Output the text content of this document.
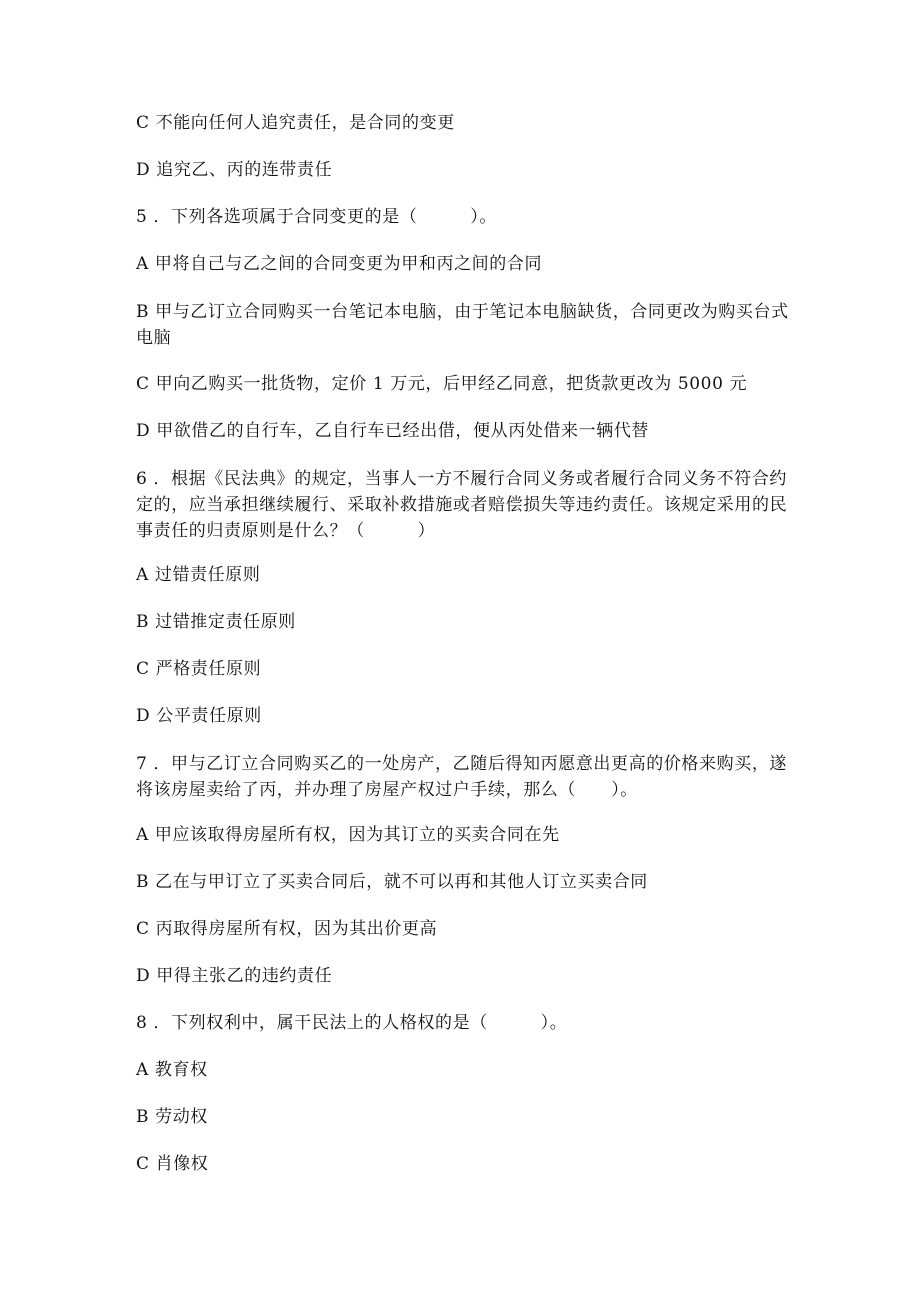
C 不能向任何人追究责任，是合同的变更
D 追究乙、丙的连带责任
5 ．下列各选项属于合同变更的是（　　　）。
A 甲将自己与乙之间的合同变更为甲和丙之间的合同
B 甲与乙订立合同购买一台笔记本电脑，由于笔记本电脑缺货，合同更改为购买台式电脑
C 甲向乙购买一批货物，定价 1 万元，后甲经乙同意，把货款更改为 5000 元
D 甲欲借乙的自行车，乙自行车已经出借，便从丙处借来一辆代替
6 ．根据《民法典》的规定，当事人一方不履行合同义务或者履行合同义务不符合约定的，应当承担继续履行、采取补救措施或者赔偿损失等违约责任。该规定采用的民事责任的归责原则是什么？（　　　）
A 过错责任原则
B 过错推定责任原则
C 严格责任原则
D 公平责任原则
7 ．甲与乙订立合同购买乙的一处房产，乙随后得知丙愿意出更高的价格来购买，遂将该房屋卖给了丙，并办理了房屋产权过户手续，那么（　　）。
A 甲应该取得房屋所有权，因为其订立的买卖合同在先
B 乙在与甲订立了买卖合同后，就不可以再和其他人订立买卖合同
C 丙取得房屋所有权，因为其出价更高
D 甲得主张乙的违约责任
8 ．下列权利中，属干民法上的人格权的是（　　　）。
A 教育权
B 劳动权
C 肖像权
